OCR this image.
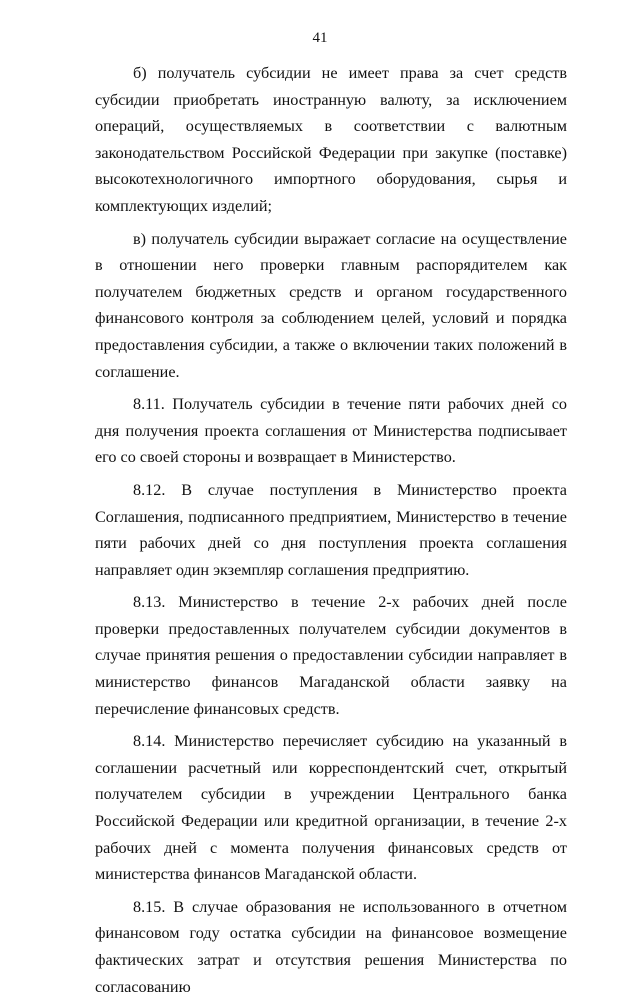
41

б) получатель субсидии не имеет права за счет средств субсидии приобретать иностранную валюту, за исключением операций, осуществляемых в соответствии с валютным законодательством Российской Федерации при закупке (поставке) высокотехнологичного импортного оборудования, сырья и комплектующих изделий;

в) получатель субсидии выражает согласие на осуществление в отношении него проверки главным распорядителем как получателем бюджетных средств и органом государственного финансового контроля за соблюдением целей, условий и порядка предоставления субсидии, а также о включении таких положений в соглашение.

8.11. Получатель субсидии в течение пяти рабочих дней со дня получения проекта соглашения от Министерства подписывает его со своей стороны и возвращает в Министерство.

8.12. В случае поступления в Министерство проекта Соглашения, подписанного предприятием, Министерство в течение пяти рабочих дней со дня поступления проекта соглашения направляет один экземпляр соглашения предприятию.

8.13. Министерство в течение 2-х рабочих дней после проверки предоставленных получателем субсидии документов в случае принятия решения о предоставлении субсидии направляет в министерство финансов Магаданской области заявку на перечисление финансовых средств.

8.14. Министерство перечисляет субсидию на указанный в соглашении расчетный или корреспондентский счет, открытый получателем субсидии в учреждении Центрального банка Российской Федерации или кредитной организации, в течение 2-х рабочих дней с момента получения финансовых средств от министерства финансов Магаданской области.

8.15. В случае образования не использованного в отчетном финансовом году остатка субсидии на финансовое возмещение фактических затрат и отсутствия решения Министерства по согласованию
